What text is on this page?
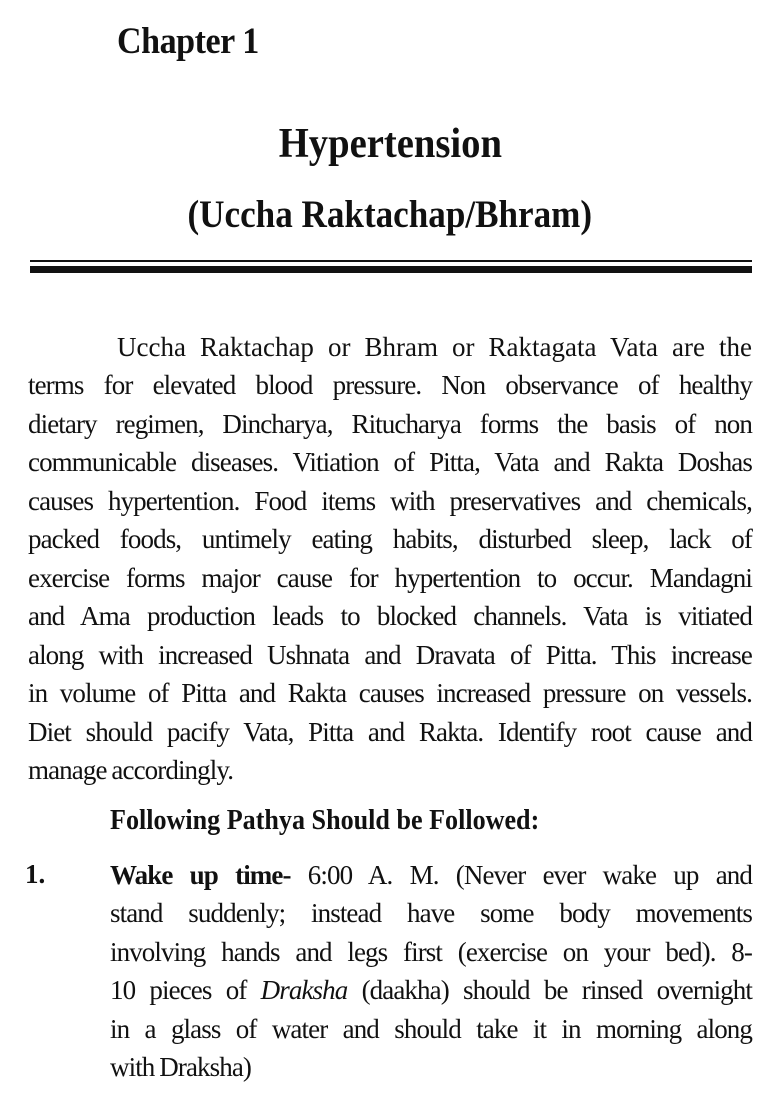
Chapter 1
Hypertension
(Uccha Raktachap/Bhram)
Uccha Raktachap or Bhram or Raktagata Vata are the
terms for elevated blood pressure. Non observance of healthy
dietary regimen, Dincharya, Ritucharya forms the basis of non
communicable diseases. Vitiation of Pitta, Vata and Rakta Doshas
causes hypertention. Food items with preservatives and chemicals,
packed foods, untimely eating habits, disturbed sleep, lack of
exercise forms major cause for hypertention to occur. Mandagni
and Ama production leads to blocked channels. Vata is vitiated
along with increased Ushnata and Dravata of Pitta. This increase
in volume of Pitta and Rakta causes increased pressure on vessels.
Diet should pacify Vata, Pitta and Rakta. Identify root cause and
manage accordingly.
Following Pathya Should be Followed:
1. Wake up time- 6:00 A. M. (Never ever wake up and
stand suddenly; instead have some body movements
involving hands and legs first (exercise on your bed). 8-
10 pieces of Draksha (daakha) should be rinsed overnight
in a glass of water and should take it in morning along
with Draksha)
